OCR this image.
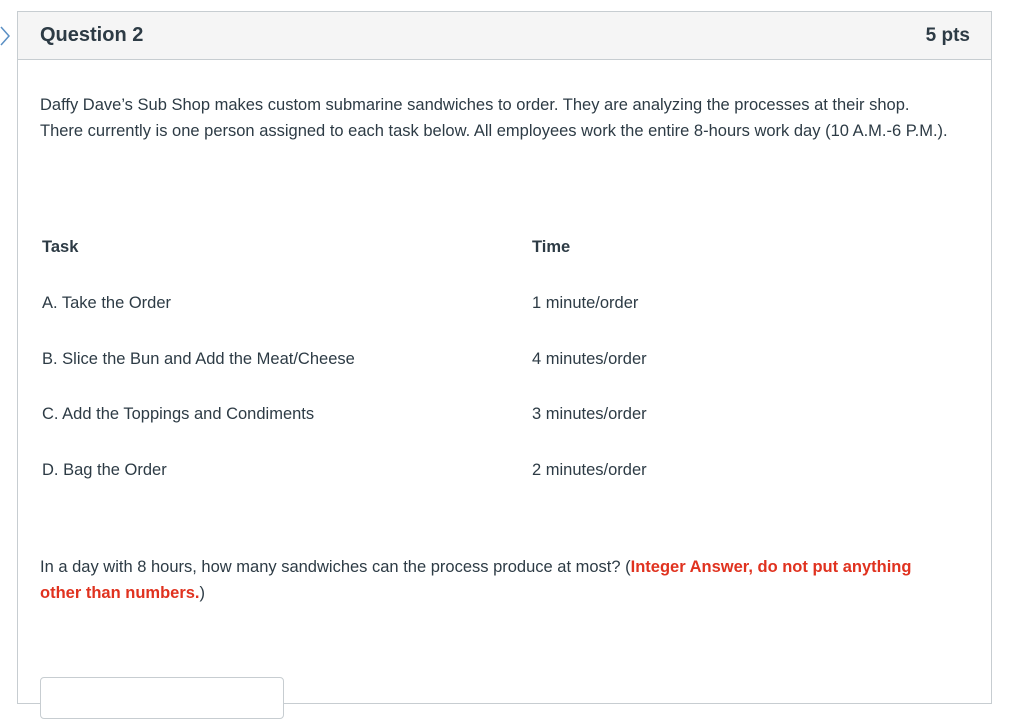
Question 2	5 pts

Daffy Dave’s Sub Shop makes custom submarine sandwiches to order. They are analyzing the processes at their shop. There currently is one person assigned to each task below. All employees work the entire 8-hours work day (10 A.M.-6 P.M.).

Task	Time
A. Take the Order	1 minute/order
B. Slice the Bun and Add the Meat/Cheese	4 minutes/order
C. Add the Toppings and Condiments	3 minutes/order
D. Bag the Order	2 minutes/order

In a day with 8 hours, how many sandwiches can the process produce at most? (Integer Answer, do not put anything other than numbers.)
